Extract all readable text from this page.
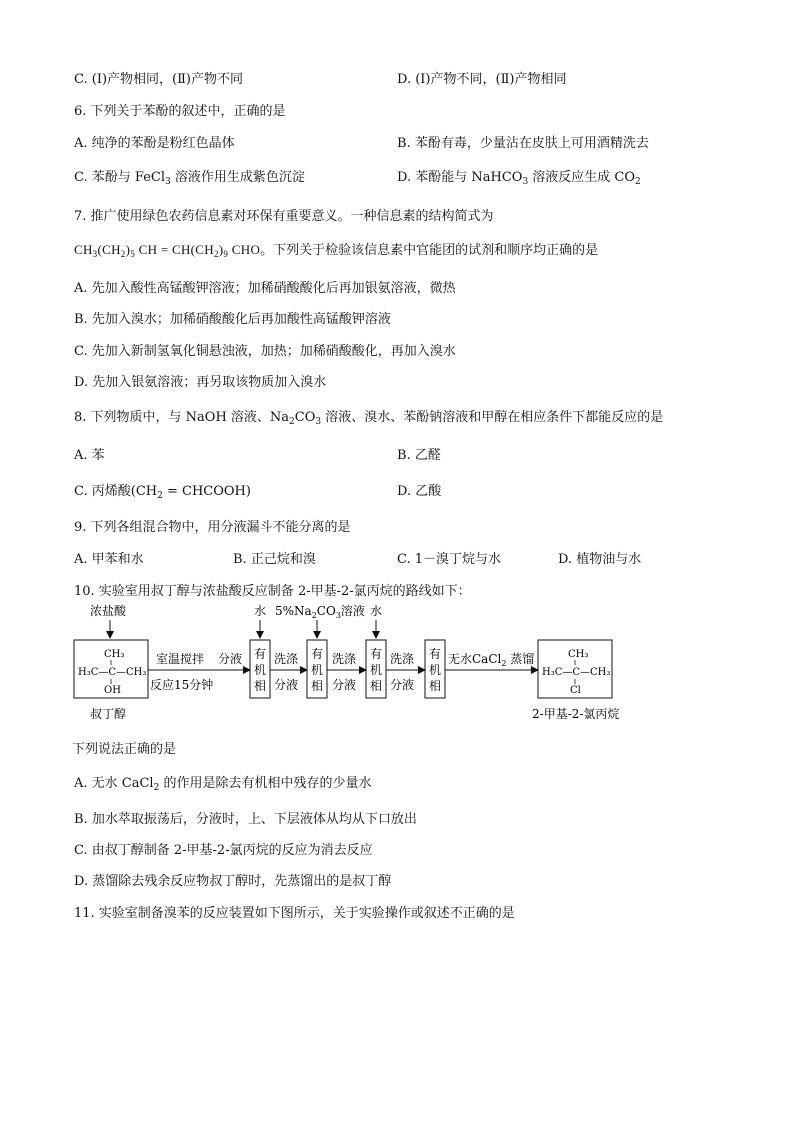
C. (Ⅰ)产物相同，(Ⅱ)产物不同	D. (Ⅰ)产物不同，(Ⅱ)产物相同
6. 下列关于苯酚的叙述中，正确的是
A. 纯净的苯酚是粉红色晶体	B. 苯酚有毒，少量沾在皮肤上可用酒精洗去
C. 苯酚与 FeCl$_3$ 溶液作用生成紫色沉淀	D. 苯酚能与 NaHCO$_3$ 溶液反应生成 $CO_2$
7. 推广使用绿色农药信息素对环保有重要意义。一种信息素的结构简式为
$CH_3(CH_2)_5$ CH = $CH(CH_2)_9$ CHO。下列关于检验该信息素中官能团的试剂和顺序均正确的是
A. 先加入酸性高锰酸钾溶液；加稀硝酸酸化后再加银氨溶液，微热
B. 先加入溴水；加稀硝酸酸化后再加酸性高锰酸钾溶液
C. 先加入新制氢氧化铜悬浊液，加热；加稀硝酸酸化，再加入溴水
D. 先加入银氨溶液；再另取该物质加入溴水
8. 下列物质中，与 NaOH 溶液、$Na_2CO_3$ 溶液、溴水、苯酚钠溶液和甲醇在相应条件下都能反应的是
A. 苯	B. 乙醛
C. 丙烯酸($CH_2$ = CHCOOH)	D. 乙酸
9. 下列各组混合物中，用分液漏斗不能分离的是
A. 甲苯和水	B. 正己烷和溴	C. 1－溴丁烷与水	D. 植物油与水
10. 实验室用叔丁醇与浓盐酸反应制备 2-甲基-2-氯丙烷的路线如下：
浓盐酸	水 $5\%Na_2CO_3$溶液 水
CH₃
H₃C—C—CH₃
OH
叔丁醇
室温搅拌 分液
反应15分钟
有
机
相
洗涤
分液
有
机
相
洗涤
分液
有
机
相
洗涤
分液
有
机
相
无水CaCl$_2$ 蒸馏	CH₃
H₃C—C—CH₃
Cl
2-甲基-2-氯丙烷
下列说法正确的是
A. 无水 CaCl$_2$ 的作用是除去有机相中残存的少量水
B. 加水萃取振荡后，分液时，上、下层液体从均从下口放出
C. 由叔丁醇制备 2-甲基-2-氯丙烷的反应为消去反应
D. 蒸馏除去残余反应物叔丁醇时，先蒸馏出的是叔丁醇
11. 实验室制备溴苯的反应装置如下图所示，关于实验操作或叙述不正确的是
